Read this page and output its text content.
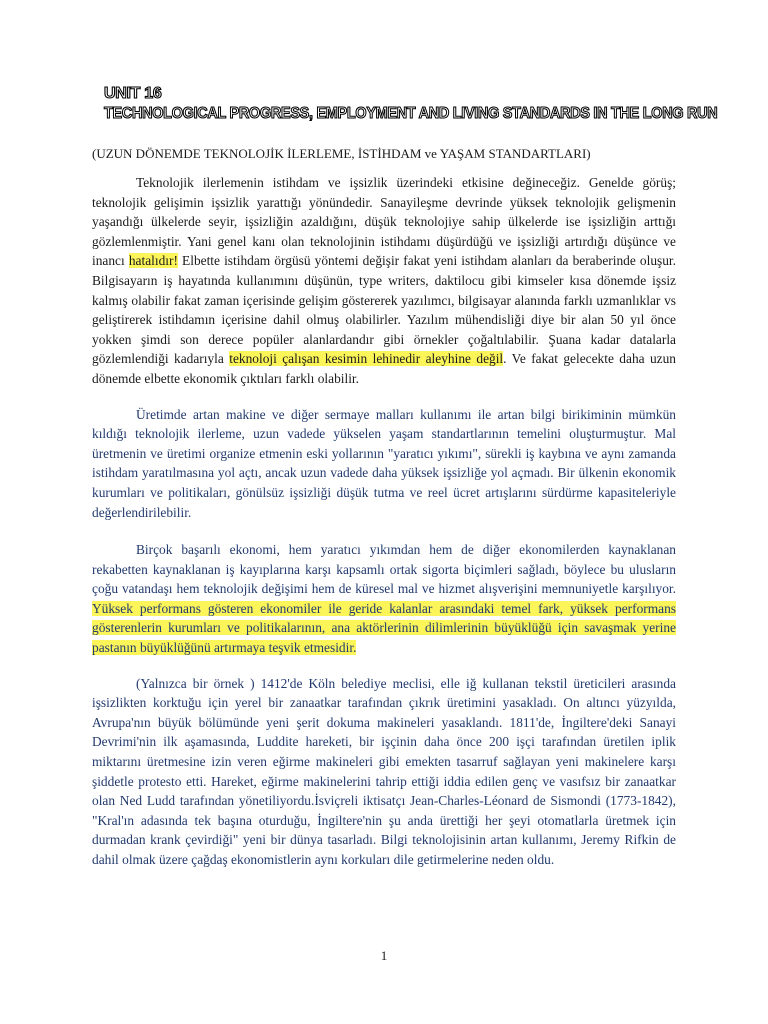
UNIT 16
TECHNOLOGICAL PROGRESS, EMPLOYMENT AND LIVING STANDARDS IN THE LONG RUN
(UZUN DÖNEMDE TEKNOLOJİK İLERLEME, İSTİHDAM ve YAŞAM STANDARTLARI)

Teknolojik ilerlemenin istihdam ve işsizlik üzerindeki etkisine değineceğiz. Genelde görüş; teknolojik gelişimin işsizlik yarattığı yönündedir. Sanayileşme devrinde yüksek teknolojik gelişmenin yaşandığı ülkelerde seyir, işsizliğin azaldığını, düşük teknolojiye sahip ülkelerde ise işsizliğin arttığı gözlemlenmiştir. Yani genel kanı olan teknolojinin istihdamı düşürdüğü ve işsizliği artırdığı düşünce ve inancı hatalıdır! Elbette istihdam örgüsü yöntemi değişir fakat yeni istihdam alanları da beraberinde oluşur. Bilgisayarın iş hayatında kullanımını düşünün, type writers, daktilocu gibi kimseler kısa dönemde işsiz kalmış olabilir fakat zaman içerisinde gelişim göstererek yazılımcı, bilgisayar alanında farklı uzmanlıklar vs geliştirerek istihdamın içerisine dahil olmuş olabilirler. Yazılım mühendisliği diye bir alan 50 yıl önce yokken şimdi son derece popüler alanlardandır gibi örnekler çoğaltılabilir. Şuana kadar datalarla gözlemlendiği kadarıyla teknoloji çalışan kesimin lehinedir aleyhine değil. Ve fakat gelecekte daha uzun dönemde elbette ekonomik çıktıları farklı olabilir.

Üretimde artan makine ve diğer sermaye malları kullanımı ile artan bilgi birikiminin mümkün kıldığı teknolojik ilerleme, uzun vadede yükselen yaşam standartlarının temelini oluşturmuştur. Mal üretmenin ve üretimi organize etmenin eski yollarının "yaratıcı yıkımı", sürekli iş kaybına ve aynı zamanda istihdam yaratılmasına yol açtı, ancak uzun vadede daha yüksek işsizliğe yol açmadı. Bir ülkenin ekonomik kurumları ve politikaları, gönülsüz işsizliği düşük tutma ve reel ücret artışlarını sürdürme kapasiteleriyle değerlendirilebilir.

Birçok başarılı ekonomi, hem yaratıcı yıkımdan hem de diğer ekonomilerden kaynaklanan rekabetten kaynaklanan iş kayıplarına karşı kapsamlı ortak sigorta biçimleri sağladı, böylece bu ulusların çoğu vatandaşı hem teknolojik değişimi hem de küresel mal ve hizmet alışverişini memnuniyetle karşılıyor. Yüksek performans gösteren ekonomiler ile geride kalanlar arasındaki temel fark, yüksek performans gösterenlerin kurumları ve politikalarının, ana aktörlerinin dilimlerinin büyüklüğü için savaşmak yerine pastanın büyüklüğünü artırmaya teşvik etmesidir.

(Yalnızca bir örnek ) 1412'de Köln belediye meclisi, elle iğ kullanan tekstil üreticileri arasında işsizlikten korktuğu için yerel bir zanaatkar tarafından çıkrık üretimini yasakladı. On altıncı yüzyılda, Avrupa'nın büyük bölümünde yeni şerit dokuma makineleri yasaklandı. 1811'de, İngiltere'deki Sanayi Devrimi'nin ilk aşamasında, Luddite hareketi, bir işçinin daha önce 200 işçi tarafından üretilen iplik miktarını üretmesine izin veren eğirme makineleri gibi emekten tasarruf sağlayan yeni makinelere karşı şiddetle protesto etti. Hareket, eğirme makinelerini tahrip ettiği iddia edilen genç ve vasıfsız bir zanaatkar olan Ned Ludd tarafından yönetiliyordu.İsviçreli iktisatçı Jean-Charles-Léonard de Sismondi (1773-1842), "Kral'ın adasında tek başına oturduğu, İngiltere'nin şu anda ürettiği her şeyi otomatlarla üretmek için durmadan krank çevirdiği" yeni bir dünya tasarladı. Bilgi teknolojisinin artan kullanımı, Jeremy Rifkin de dahil olmak üzere çağdaş ekonomistlerin aynı korkuları dile getirmelerine neden oldu.

1
